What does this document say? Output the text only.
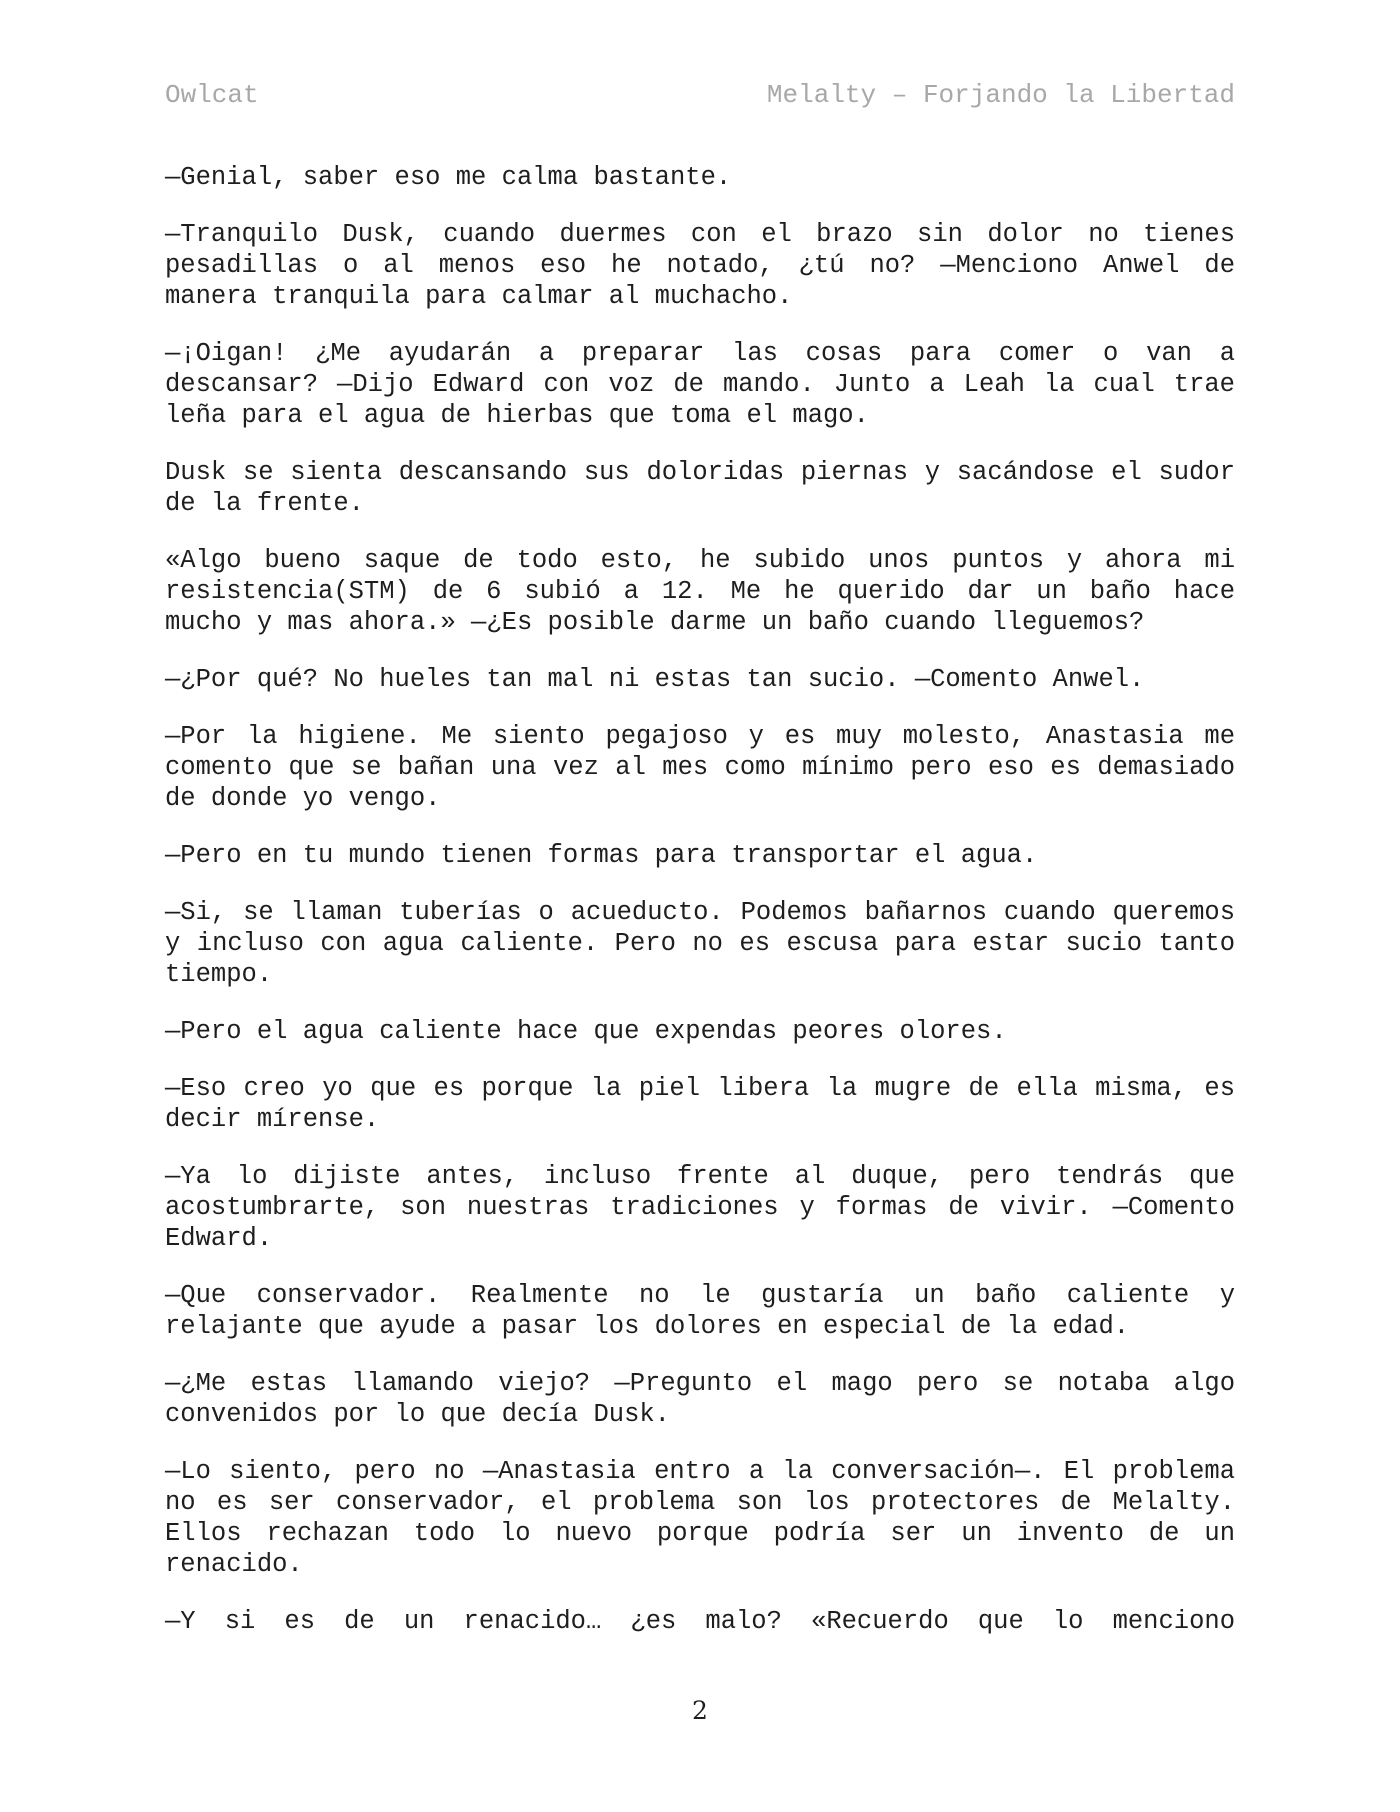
Owlcat	Melalty – Forjando la Libertad

—Genial, saber eso me calma bastante.

—Tranquilo Dusk, cuando duermes con el brazo sin dolor no tienes pesadillas o al menos eso he notado, ¿tú no? —Menciono Anwel de manera tranquila para calmar al muchacho.

—¡Oigan! ¿Me ayudarán a preparar las cosas para comer o van a descansar? —Dijo Edward con voz de mando. Junto a Leah la cual trae leña para el agua de hierbas que toma el mago.

Dusk se sienta descansando sus doloridas piernas y sacándose el sudor de la frente.

«Algo bueno saque de todo esto, he subido unos puntos y ahora mi resistencia(STM) de 6 subió a 12. Me he querido dar un baño hace mucho y mas ahora.» —¿Es posible darme un baño cuando lleguemos?

—¿Por qué? No hueles tan mal ni estas tan sucio. —Comento Anwel.

—Por la higiene. Me siento pegajoso y es muy molesto, Anastasia me comento que se bañan una vez al mes como mínimo pero eso es demasiado de donde yo vengo.

—Pero en tu mundo tienen formas para transportar el agua.

—Si, se llaman tuberías o acueducto. Podemos bañarnos cuando queremos y incluso con agua caliente. Pero no es escusa para estar sucio tanto tiempo.

—Pero el agua caliente hace que expendas peores olores.

—Eso creo yo que es porque la piel libera la mugre de ella misma, es decir mírense.

—Ya lo dijiste antes, incluso frente al duque, pero tendrás que acostumbrarte, son nuestras tradiciones y formas de vivir. —Comento Edward.

—Que conservador. Realmente no le gustaría un baño caliente y relajante que ayude a pasar los dolores en especial de la edad.

—¿Me estas llamando viejo? —Pregunto el mago pero se notaba algo convenidos por lo que decía Dusk.

—Lo siento, pero no —Anastasia entro a la conversación—. El problema no es ser conservador, el problema son los protectores de Melalty. Ellos rechazan todo lo nuevo porque podría ser un invento de un renacido.

—Y si es de un renacido… ¿es malo? «Recuerdo que lo menciono

2
